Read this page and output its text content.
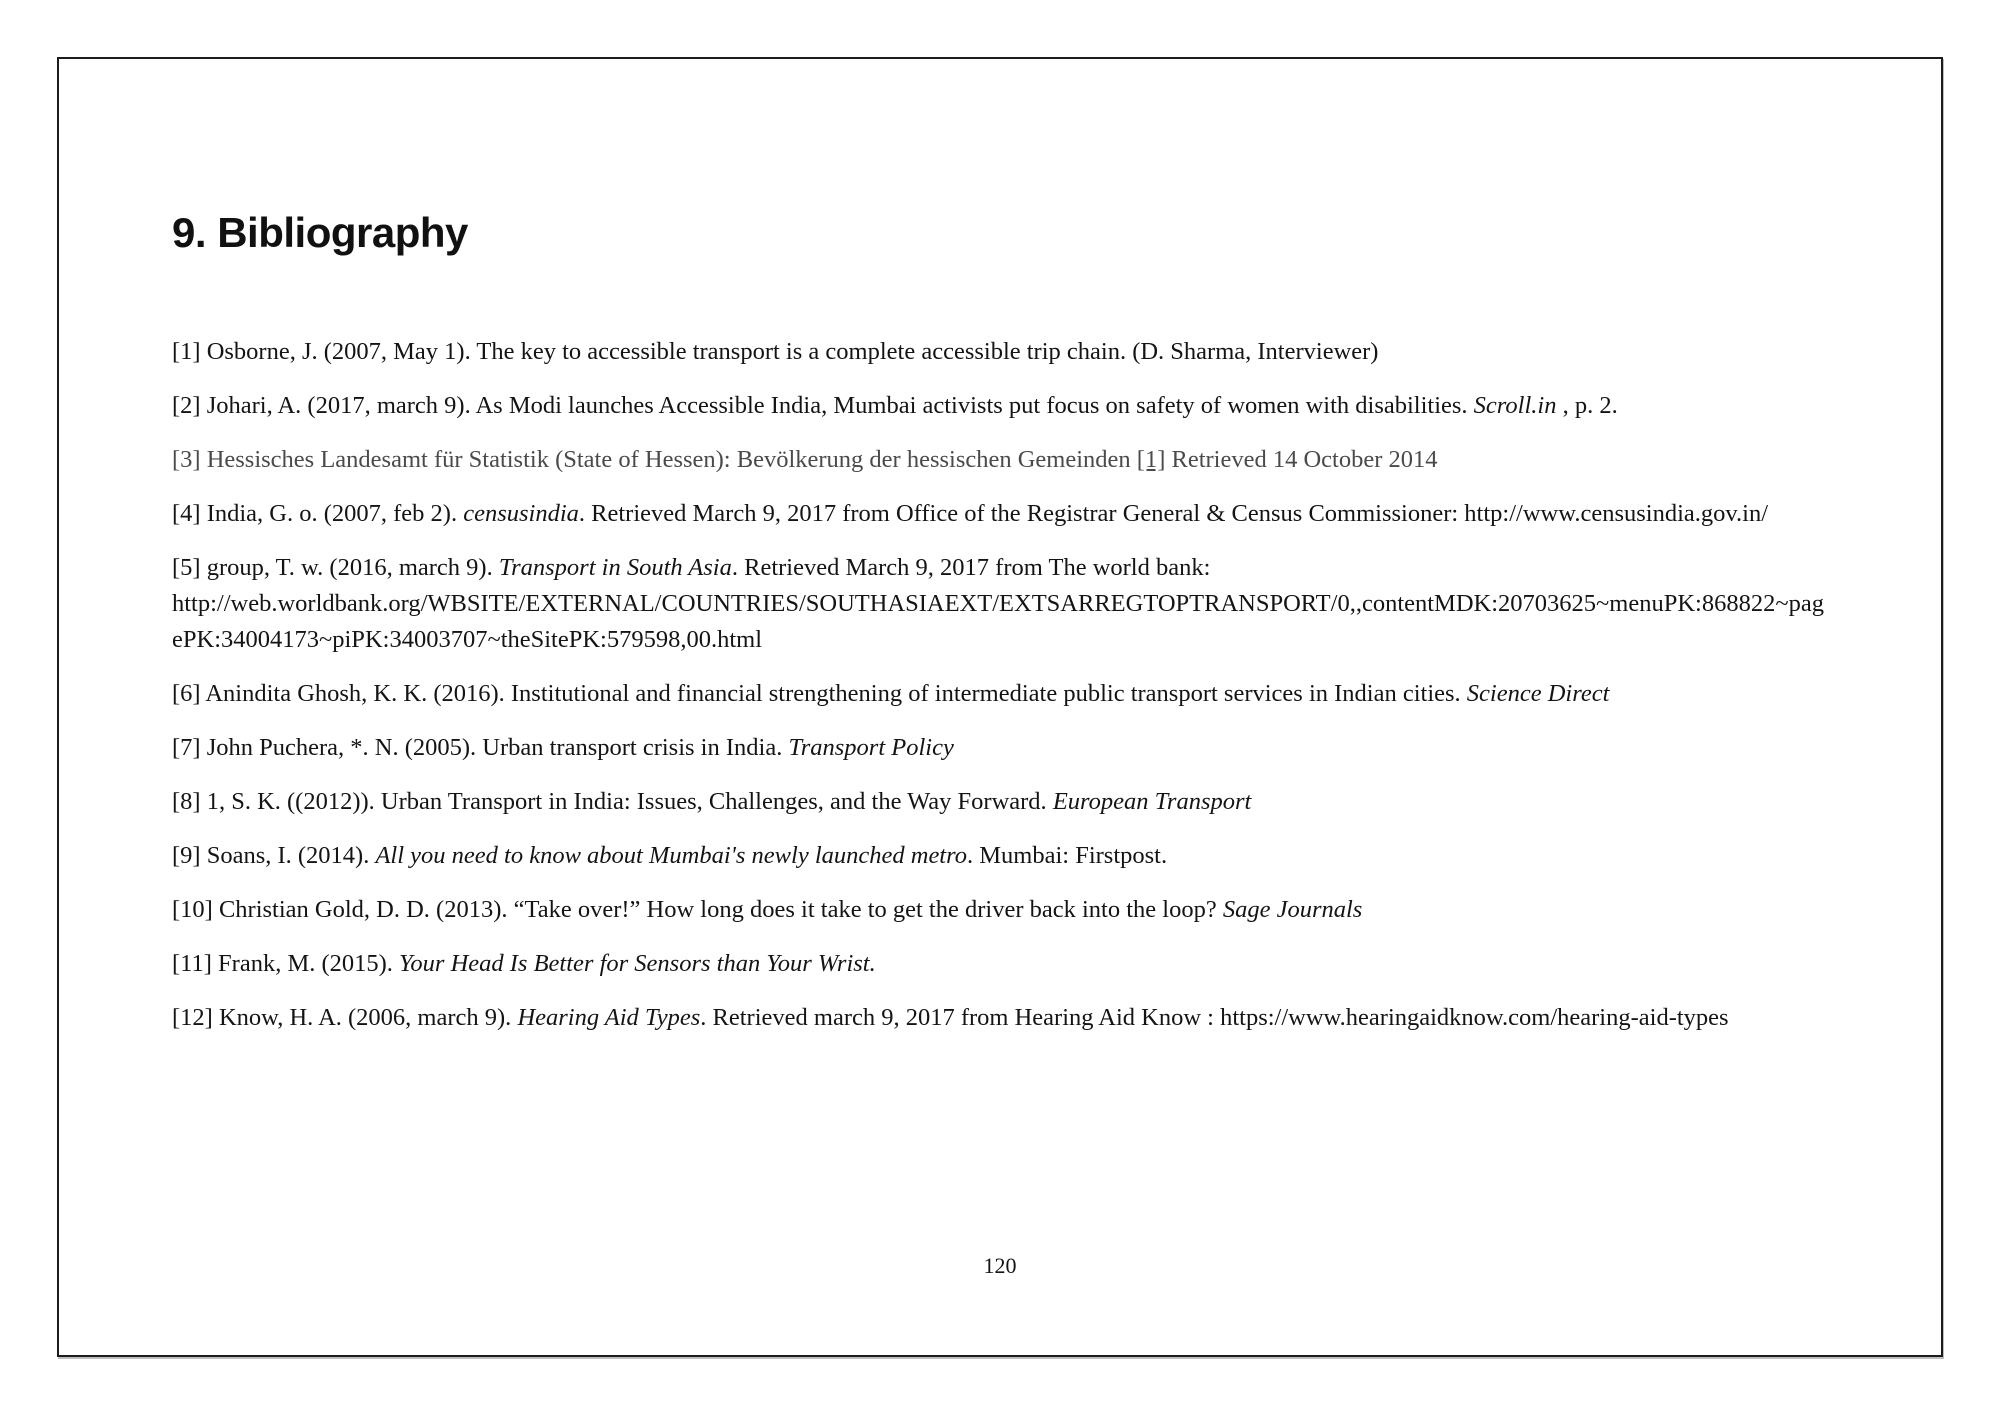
9. Bibliography

[1] Osborne, J. (2007, May 1). The key to accessible transport is a complete accessible trip chain. (D. Sharma, Interviewer)

[2] Johari, A. (2017, march 9). As Modi launches Accessible India, Mumbai activists put focus on safety of women with disabilities. Scroll.in , p. 2.

[3] Hessisches Landesamt für Statistik (State of Hessen): Bevölkerung der hessischen Gemeinden [1] Retrieved 14 October 2014

[4] India, G. o. (2007, feb 2). censusindia. Retrieved March 9, 2017 from Office of the Registrar General & Census Commissioner: http://www.censusindia.gov.in/

[5] group, T. w. (2016, march 9). Transport in South Asia. Retrieved March 9, 2017 from The world bank: http://web.worldbank.org/WBSITE/EXTERNAL/COUNTRIES/SOUTHASIAEXT/EXTSARREGTOPTRANSPORT/0,,contentMDK:20703625~menuPK:868822~pagePK:34004173~piPK:34003707~theSitePK:579598,00.html

[6] Anindita Ghosh, K. K. (2016). Institutional and financial strengthening of intermediate public transport services in Indian cities. Science Direct

[7] John Puchera, *. N. (2005). Urban transport crisis in India. Transport Policy

[8] 1, S. K. ((2012)). Urban Transport in India: Issues, Challenges, and the Way Forward. European Transport

[9] Soans, I. (2014). All you need to know about Mumbai's newly launched metro. Mumbai: Firstpost.

[10] Christian Gold, D. D. (2013). “Take over!” How long does it take to get the driver back into the loop? Sage Journals

[11] Frank, M. (2015). Your Head Is Better for Sensors than Your Wrist.

[12] Know, H. A. (2006, march 9). Hearing Aid Types. Retrieved march 9, 2017 from Hearing Aid Know : https://www.hearingaidknow.com/hearing-aid-types

120
